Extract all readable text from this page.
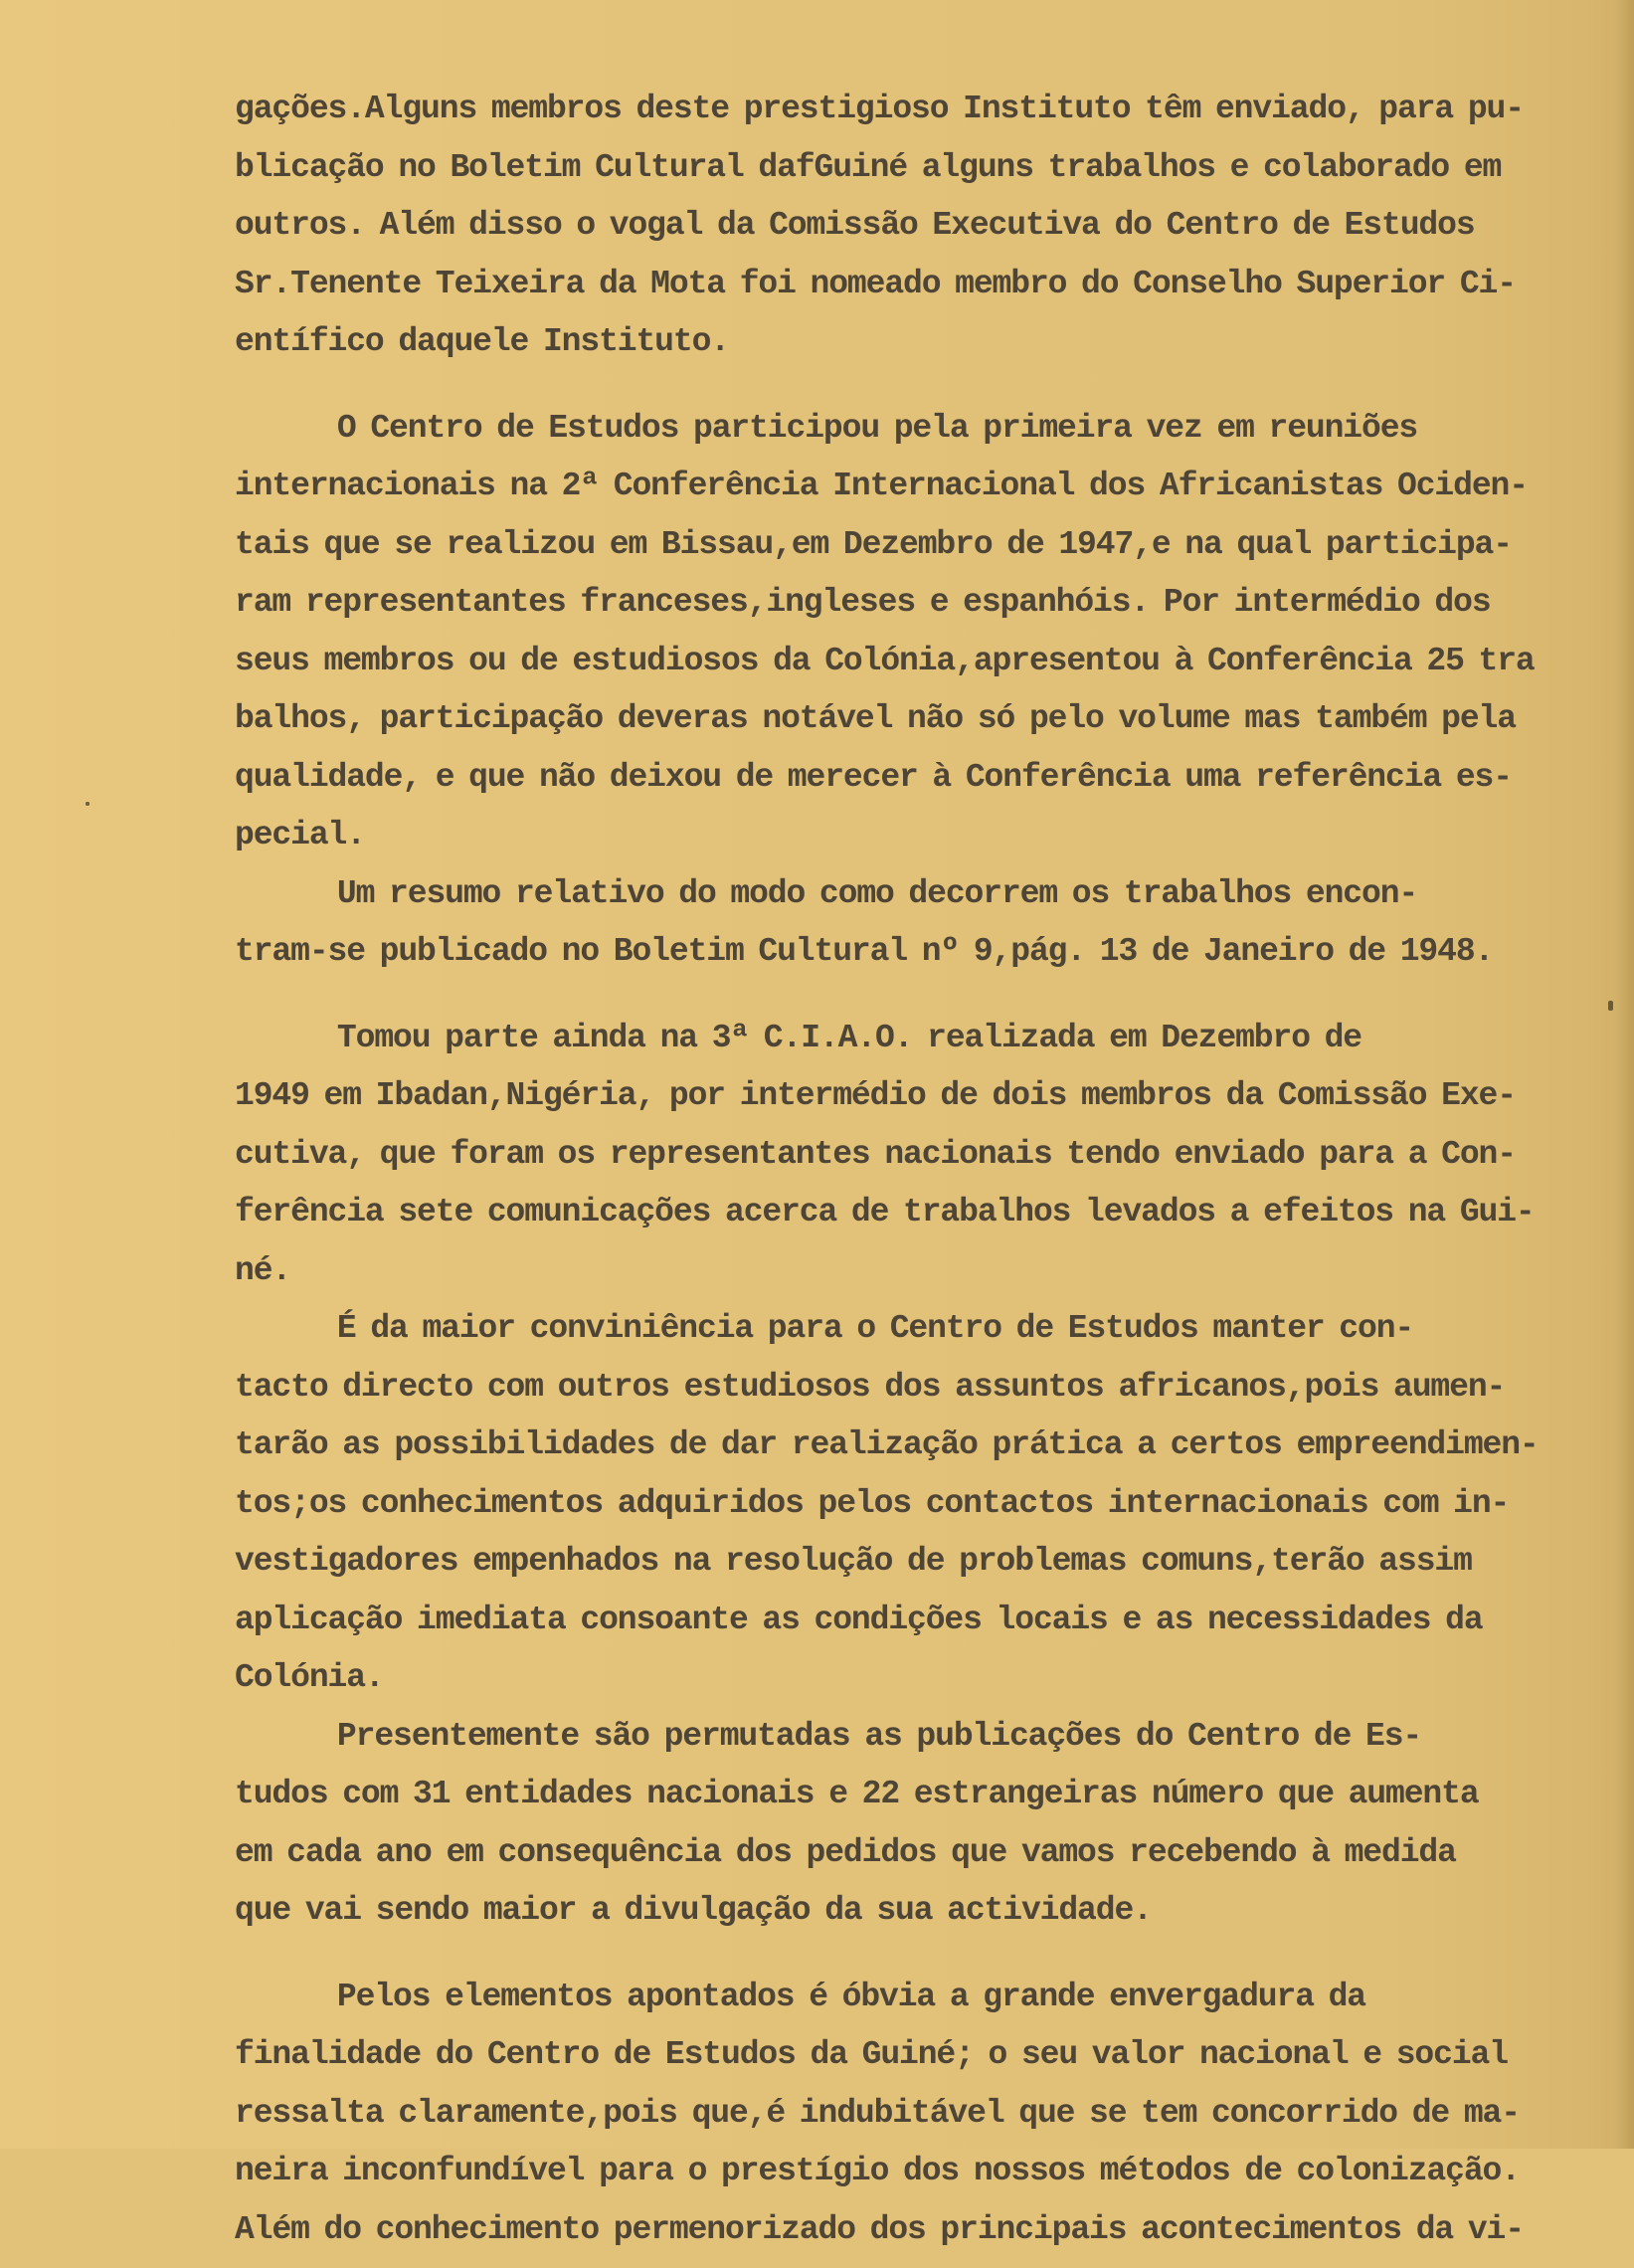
gações.Alguns membros deste prestigioso Instituto têm enviado, para pu-
blicação no Boletim Cultural dafGuiné alguns trabalhos e colaborado em
outros. Além disso o vogal da Comissão Executiva do Centro de Estudos
Sr.Tenente Teixeira da Mota foi nomeado membro do Conselho Superior Ci-
entífico daquele Instituto.
O Centro de Estudos participou pela primeira vez em reuniões
internacionais na 2ª Conferência Internacional dos Africanistas Ociden-
tais que se realizou em Bissau,em Dezembro de 1947,e na qual participa-
ram representantes franceses,ingleses e espanhóis. Por intermédio dos
seus membros ou de estudiosos da Colónia,apresentou à Conferência 25 tra
balhos, participação deveras notável não só pelo volume mas também pela
qualidade, e que não deixou de merecer à Conferência uma referência es-
pecial.
Um resumo relativo do modo como decorrem os trabalhos encon-
tram-se publicado no Boletim Cultural nº 9,pág. 13 de Janeiro de 1948.
Tomou parte ainda na 3ª C.I.A.O. realizada em Dezembro de
1949 em Ibadan,Nigéria, por intermédio de dois membros da Comissão Exe-
cutiva, que foram os representantes nacionais tendo enviado para a Con-
ferência sete comunicações acerca de trabalhos levados a efeitos na Gui-
né.
É da maior conviniência para o Centro de Estudos manter con-
tacto directo com outros estudiosos dos assuntos africanos,pois aumen-
tarão as possibilidades de dar realização prática a certos empreendimen-
tos;os conhecimentos adquiridos pelos contactos internacionais com in-
vestigadores empenhados na resolução de problemas comuns,terão assim
aplicação imediata consoante as condições locais e as necessidades da
Colónia.
Presentemente são permutadas as publicações do Centro de Es-
tudos com 31 entidades nacionais e 22 estrangeiras número que aumenta
em cada ano em consequência dos pedidos que vamos recebendo à medida
que vai sendo maior a divulgação da sua actividade.
Pelos elementos apontados é óbvia a grande envergadura da
finalidade do Centro de Estudos da Guiné; o seu valor nacional e social
ressalta claramente,pois que,é indubitável que se tem concorrido de ma-
neira inconfundível para o prestígio dos nossos métodos de colonização.
Além do conhecimento permenorizado dos principais acontecimentos da vi-
